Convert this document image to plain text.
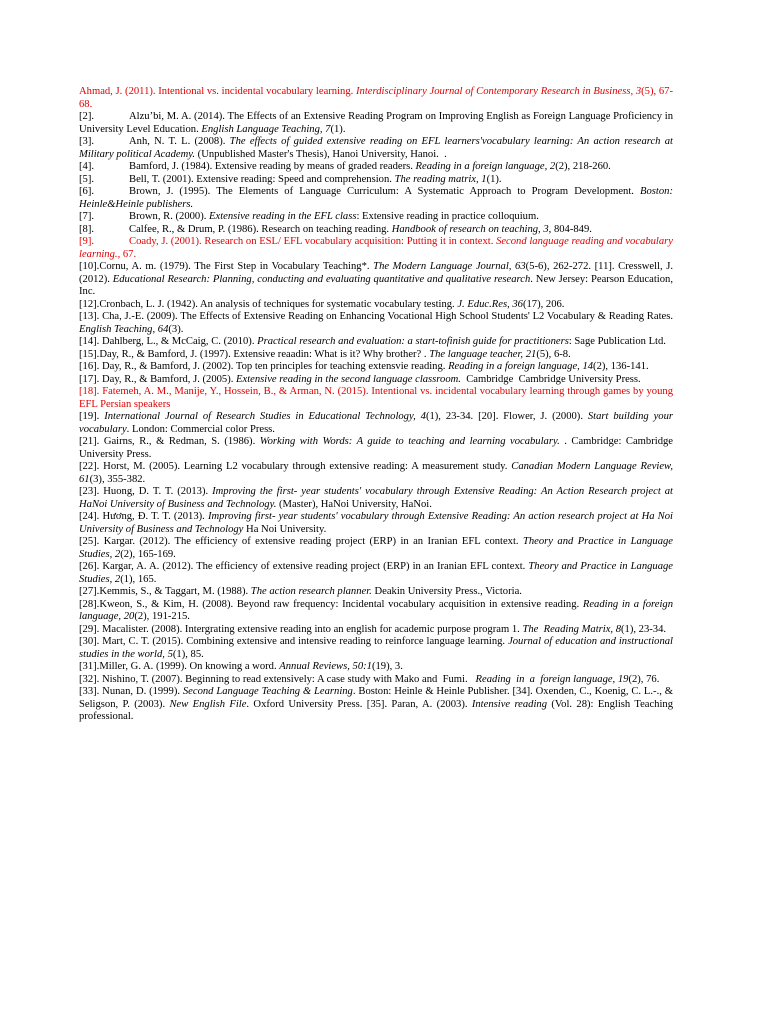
Ahmad, J. (2011). Intentional vs. incidental vocabulary learning. Interdisciplinary Journal of Contemporary Research in Business, 3(5), 67-68.

[2].	Alzu’bi, M. A. (2014). The Effects of an Extensive Reading Program on Improving English as Foreign Language Proficiency in University Level Education. English Language Teaching, 7(1).

[3].	Anh, N. T. L. (2008). The effects of guided extensive reading on EFL learners'vocabulary learning: An action research at Military political Academy. (Unpublished Master's Thesis), Hanoi University, Hanoi.  .

[4].	Bamford, J. (1984). Extensive reading by means of graded readers. Reading in a foreign language, 2(2), 218-260.

[5].	Bell, T. (2001). Extensive reading: Speed and comprehension. The reading matrix, 1(1).

[6].	Brown, J. (1995). The Elements of Language Curriculum: A Systematic Approach to Program Development. Boston: Heinle&Heinle publishers.

[7].	Brown, R. (2000). Extensive reading in the EFL class: Extensive reading in practice colloquium.

[8].	Calfee, R., & Drum, P. (1986). Research on teaching reading. Handbook of research on teaching, 3, 804-849.

[9].	Coady, J. (2001). Research on ESL/ EFL vocabulary acquisition: Putting it in context. Second language reading and vocabulary learning., 67.

[10].Cornu, A. m. (1979). The First Step in Vocabulary Teaching*. The Modern Language Journal, 63(5-6), 262-272. [11]. Cresswell, J. (2012). Educational Research: Planning, conducting and evaluating quantitative and qualitative research. New Jersey: Pearson Education, Inc.

[12].Cronbach, L. J. (1942). An analysis of techniques for systematic vocabulary testing. J. Educ.Res, 36(17), 206.

[13]. Cha, J.-E. (2009). The Effects of Extensive Reading on Enhancing Vocational High School Students' L2 Vocabulary & Reading Rates. English Teaching, 64(3).

[14]. Dahlberg, L., & McCaig, C. (2010). Practical research and evaluation: a start-tofinish guide for practitioners: Sage Publication Ltd.

[15].Day, R., & Bamford, J. (1997). Extensive reaadin: What is it? Why brother? . The language teacher, 21(5), 6-8.

[16]. Day, R., & Bamford, J. (2002). Top ten principles for teaching extensvie reading. Reading in a foreign language, 14(2), 136-141.

[17]. Day, R., & Bamford, J. (2005). Extensive reading in the second language classroom.  Cambridge  Cambridge University Press.

[18]. Fatemeh, A. M., Manije, Y., Hossein, B., & Arman, N. (2015). Intentional vs. incidental vocabulary learning through games by young EFL Persian speakers

[19]. International Journal of Research Studies in Educational Technology, 4(1), 23-34. [20]. Flower, J. (2000). Start building your vocabulary. London: Commercial color Press.

[21]. Gairns, R., & Redman, S. (1986). Working with Words: A guide to teaching and learning vocabulary. . Cambridge: Cambridge University Press.

[22]. Horst, M. (2005). Learning L2 vocabulary through extensive reading: A measurement study. Canadian Modern Language Review, 61(3), 355-382.

[23]. Huong, D. T. T. (2013). Improving the first- year students' vocabulary through Extensive Reading: An Action Research project at HaNoi University of Business and Technology. (Master), HaNoi University, HaNoi.

[24]. Hương, Đ. T. T. (2013). Improving first- year students' vocabulary through Extensive Reading: An action research project at Ha Noi University of Business and Technology Ha Noi University.

[25]. Kargar. (2012). The efficiency of extensive reading project (ERP) in an Iranian EFL context. Theory and Practice in Language Studies, 2(2), 165-169.

[26]. Kargar, A. A. (2012). The efficiency of extensive reading project (ERP) in an Iranian EFL context. Theory and Practice in Language Studies, 2(1), 165.

[27].Kemmis, S., & Taggart, M. (1988). The action research planner. Deakin University Press., Victoria.

[28].Kweon, S., & Kim, H. (2008). Beyond raw frequency: Incidental vocabulary acquisition in extensive reading. Reading in a foreign language, 20(2), 191-215.

[29]. Macalister. (2008). Intergrating extensive reading into an english for academic purpose program 1. The  Reading Matrix, 8(1), 23-34.

[30]. Mart, C. T. (2015). Combining extensive and intensive reading to reinforce language learning. Journal of education and instructional studies in the world, 5(1), 85.

[31].Miller, G. A. (1999). On knowing a word. Annual Reviews, 50:1(19), 3.

[32]. Nishino, T. (2007). Beginning to read extensively: A case study with Mako and  Fumi.   Reading  in  a  foreign language, 19(2), 76.

[33]. Nunan, D. (1999). Second Language Teaching & Learning. Boston: Heinle & Heinle Publisher. [34]. Oxenden, C., Koenig, C. L.-., & Seligson, P. (2003). New English File. Oxford University Press. [35]. Paran, A. (2003). Intensive reading (Vol. 28): English Teaching professional.
